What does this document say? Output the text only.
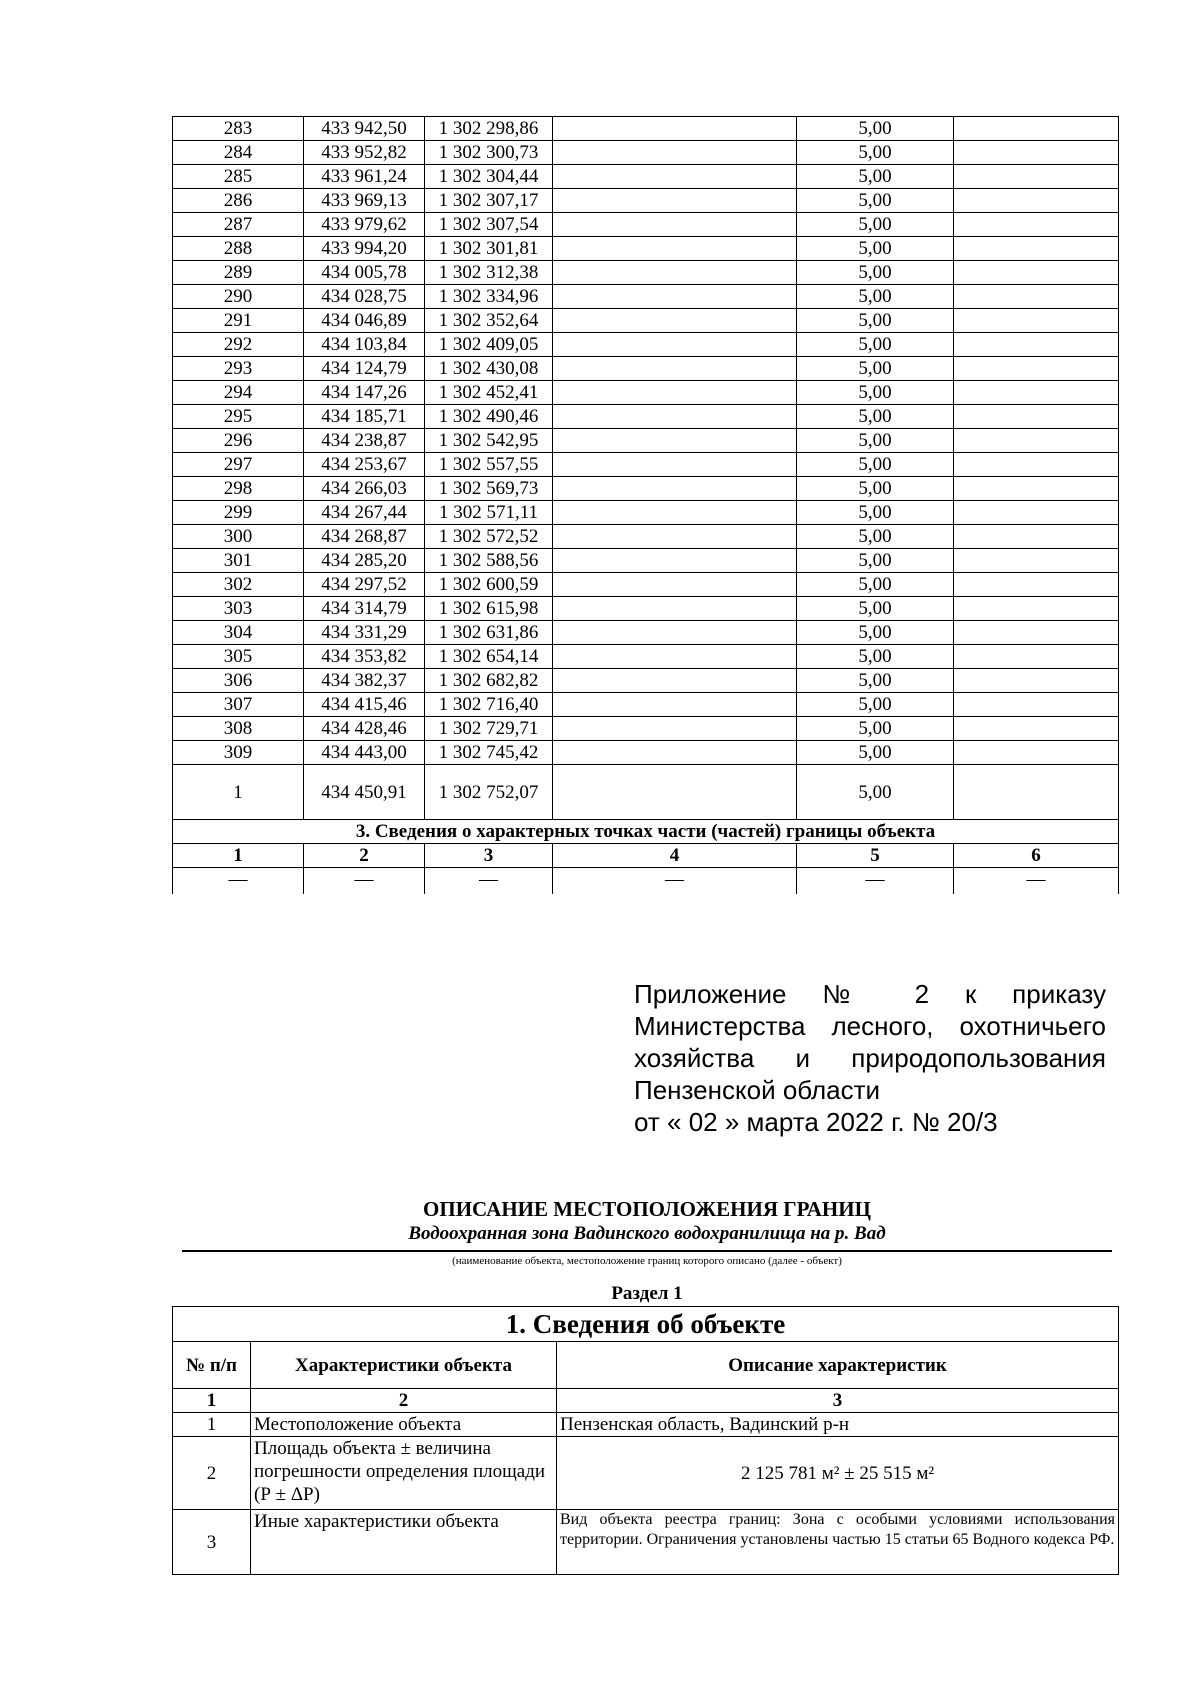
283	433 942,50	1 302 298,86		5,00	
284	433 952,82	1 302 300,73		5,00	
285	433 961,24	1 302 304,44		5,00	
286	433 969,13	1 302 307,17		5,00	
287	433 979,62	1 302 307,54		5,00	
288	433 994,20	1 302 301,81		5,00	
289	434 005,78	1 302 312,38		5,00	
290	434 028,75	1 302 334,96		5,00	
291	434 046,89	1 302 352,64		5,00	
292	434 103,84	1 302 409,05		5,00	
293	434 124,79	1 302 430,08		5,00	
294	434 147,26	1 302 452,41		5,00	
295	434 185,71	1 302 490,46		5,00	
296	434 238,87	1 302 542,95		5,00	
297	434 253,67	1 302 557,55		5,00	
298	434 266,03	1 302 569,73		5,00	
299	434 267,44	1 302 571,11		5,00	
300	434 268,87	1 302 572,52		5,00	
301	434 285,20	1 302 588,56		5,00	
302	434 297,52	1 302 600,59		5,00	
303	434 314,79	1 302 615,98		5,00	
304	434 331,29	1 302 631,86		5,00	
305	434 353,82	1 302 654,14		5,00	
306	434 382,37	1 302 682,82		5,00	
307	434 415,46	1 302 716,40		5,00	
308	434 428,46	1 302 729,71		5,00	
309	434 443,00	1 302 745,42		5,00	
1	434 450,91	1 302 752,07		5,00	
3. Сведения о характерных точках части (частей) границы объекта					
1	2	3	4	5	6
—	—	—	—	—	—
Приложение № 2 к приказу
Министерства лесного, охотничьего
хозяйства и природопользования
Пензенской области
от « 02 » марта 2022 г. № 20/3
ОПИСАНИЕ МЕСТОПОЛОЖЕНИЯ ГРАНИЦ
Водоохранная зона Вадинского водохранилища на р. Вад
(наименование объекта, местоположение границ которого описано (далее - объект)
Раздел 1
1. Сведения об объекте		
№ п/п	Характеристики объекта	Описание характеристик
1	2	3
1	Местоположение объекта	Пензенская область, Вадинский р-н
2	Площадь объекта ± величина погрешности определения площади (Р ± ΔР)	2 125 781 м² ± 25 515 м²
3	Иные характеристики объекта	Вид объекта реестра границ: Зона с особыми условиями использования территории. Ограничения установлены частью 15 статьи 65 Водного кодекса РФ.
